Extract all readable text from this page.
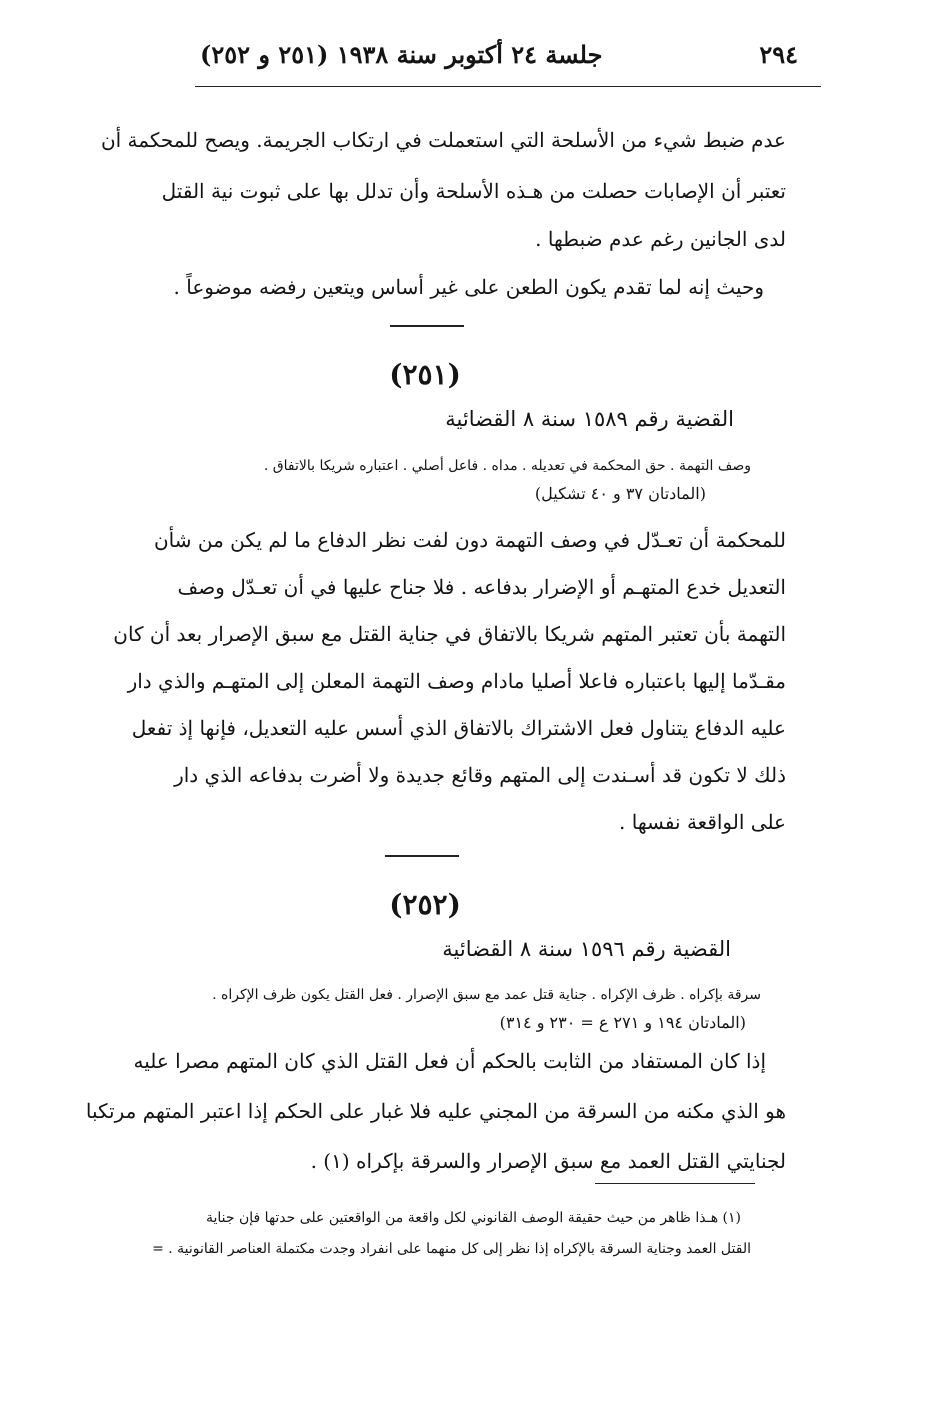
٢٩٤
جلسة ٢٤ أكتوبر سنة ١٩٣٨ (٢٥١ و ٢٥٢)
عدم ضبط شيء من الأسلحة التي استعملت في ارتكاب الجريمة. ويصح للمحكمة أن
تعتبر أن الإصابات حصلت من هـذه الأسلحة وأن تدلل بها على ثبوت نية القتل
لدى الجانين رغم عدم ضبطها .
وحيث إنه لما تقدم يكون الطعن على غير أساس ويتعين رفضه موضوعاً .
(٢٥١)
القضية رقم ١٥٨٩ سنة ٨ القضائية
وصف التهمة . حق المحكمة في تعديله . مداه . فاعل أصلي . اعتباره شريكا بالاتفاق .
(المادتان ٣٧ و ٤٠ تشكيل)
للمحكمة أن تعـدّل في وصف التهمة دون لفت نظر الدفاع ما لم يكن من شأن
التعديل خدع المتهـم أو الإضرار بدفاعه . فلا جناح عليها في أن تعـدّل وصف
التهمة بأن تعتبر المتهم شريكا بالاتفاق في جناية القتل مع سبق الإصرار بعد أن كان
مقـدّما إليها باعتباره فاعلا أصليا مادام وصف التهمة المعلن إلى المتهـم والذي دار
عليه الدفاع يتناول فعل الاشتراك بالاتفاق الذي أسس عليه التعديل، فإنها إذ تفعل
ذلك لا تكون قد أسـندت إلى المتهم وقائع جديدة ولا أضرت بدفاعه الذي دار
على الواقعة نفسها .
(٢٥٢)
القضية رقم ١٥٩٦ سنة ٨ القضائية
سرقة بإكراه . ظرف الإكراه . جناية قتل عمد مع سبق الإصرار . فعل القتل يكون ظرف الإكراه .
(المادتان ١٩٤ و ٢٧١ ع = ٢٣٠ و ٣١٤)
إذا كان المستفاد من الثابت بالحكم أن فعل القتل الذي كان المتهم مصرا عليه
هو الذي مكنه من السرقة من المجني عليه فلا غبار على الحكم إذا اعتبر المتهم مرتكبا
لجنايتي القتل العمد مع سبق الإصرار والسرقة بإكراه (١) .
(١) هـذا ظاهر من حيث حقيقة الوصف القانوني لكل واقعة من الواقعتين على حدتها فإن جناية
القتل العمد وجناية السرقة بالإكراه إذا نظر إلى كل منهما على انفراد وجدت مكتملة العناصر القانونية . =
